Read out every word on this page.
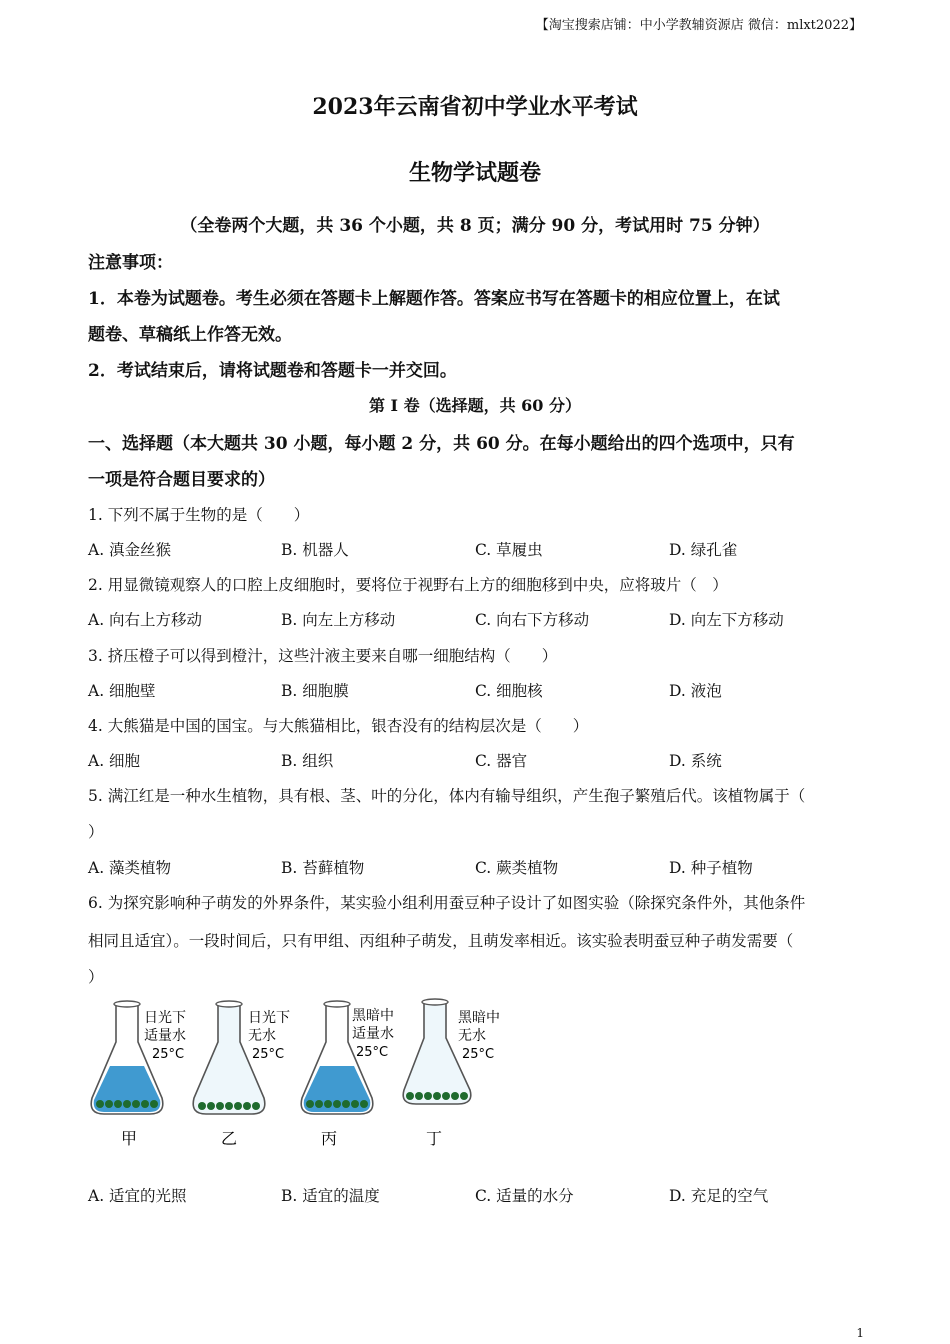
【淘宝搜索店铺：中小学教辅资源店 微信：mlxt2022】
2023年云南省初中学业水平考试
生物学试题卷
（全卷两个大题，共 36 个小题，共 8 页；满分 90 分，考试用时 75 分钟）
注意事项：
1．本卷为试题卷。考生必须在答题卡上解题作答。答案应书写在答题卡的相应位置上，在试
题卷、草稿纸上作答无效。
2．考试结束后，请将试题卷和答题卡一并交回。
第 I 卷（选择题，共 60 分）
一、选择题（本大题共 30 小题，每小题 2 分，共 60 分。在每小题给出的四个选项中，只有
一项是符合题目要求的）
1. 下列不属于生物的是（　　）
A. 滇金丝猴	B. 机器人	C. 草履虫	D. 绿孔雀
2. 用显微镜观察人的口腔上皮细胞时，要将位于视野右上方的细胞移到中央，应将玻片（　）
A. 向右上方移动	B. 向左上方移动	C. 向右下方移动	D. 向左下方移动
3. 挤压橙子可以得到橙汁，这些汁液主要来自哪一细胞结构（　　）
A. 细胞壁	B. 细胞膜	C. 细胞核	D. 液泡
4. 大熊猫是中国的国宝。与大熊猫相比，银杏没有的结构层次是（　　）
A. 细胞	B. 组织	C. 器官	D. 系统
5. 满江红是一种水生植物，具有根、茎、叶的分化，体内有输导组织，产生孢子繁殖后代。该植物属于（
）
A. 藻类植物	B. 苔藓植物	C. 蕨类植物	D. 种子植物
6. 为探究影响种子萌发的外界条件，某实验小组利用蚕豆种子设计了如图实验（除探究条件外，其他条件
相同且适宜）。一段时间后，只有甲组、丙组种子萌发，且萌发率相近。该实验表明蚕豆种子萌发需要（
）
日光下
适量水
25°C
甲
日光下
无水
25°C
乙
黑暗中
适量水
25°C
丙
黑暗中
无水
25°C
丁
A. 适宜的光照	B. 适宜的温度	C. 适量的水分	D. 充足的空气
1
